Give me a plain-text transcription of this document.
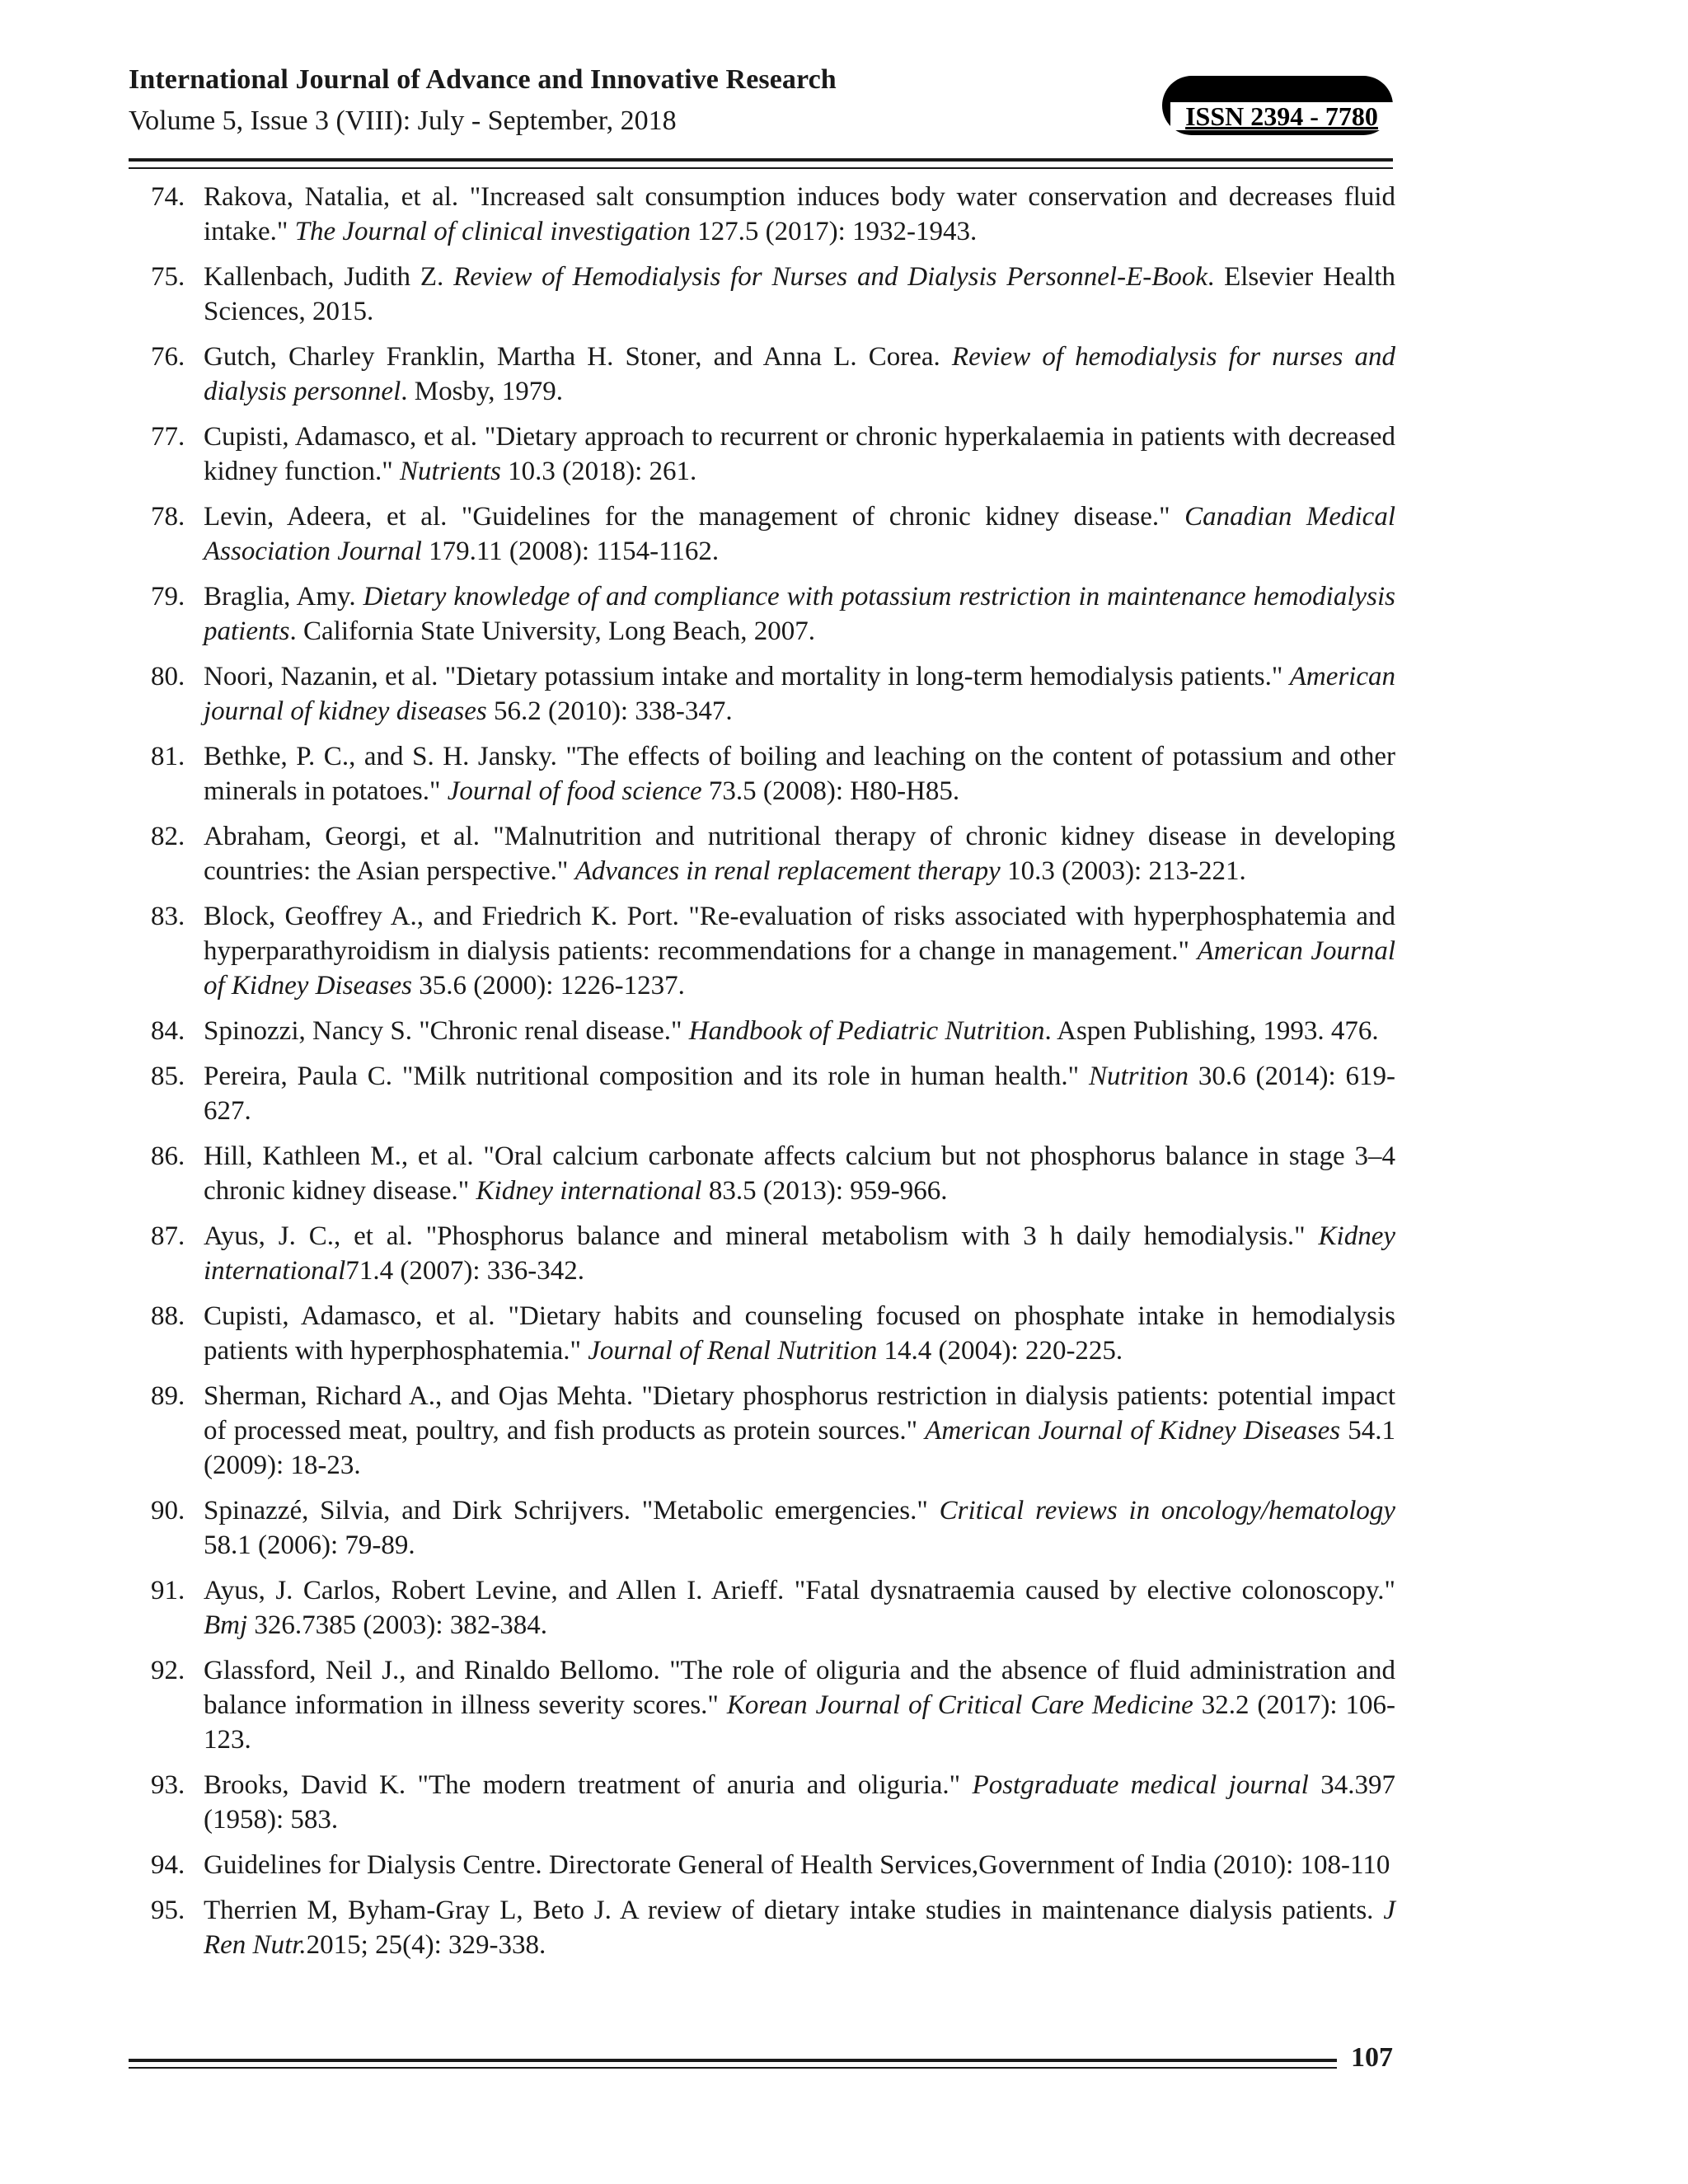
International Journal of Advance and Innovative Research
Volume 5, Issue 3 (VIII): July - September, 2018	ISSN 2394 - 7780
74. Rakova, Natalia, et al. "Increased salt consumption induces body water conservation and decreases fluid intake." The Journal of clinical investigation 127.5 (2017): 1932-1943.
75. Kallenbach, Judith Z. Review of Hemodialysis for Nurses and Dialysis Personnel-E-Book. Elsevier Health Sciences, 2015.
76. Gutch, Charley Franklin, Martha H. Stoner, and Anna L. Corea. Review of hemodialysis for nurses and dialysis personnel. Mosby, 1979.
77. Cupisti, Adamasco, et al. "Dietary approach to recurrent or chronic hyperkalaemia in patients with decreased kidney function." Nutrients 10.3 (2018): 261.
78. Levin, Adeera, et al. "Guidelines for the management of chronic kidney disease." Canadian Medical Association Journal 179.11 (2008): 1154-1162.
79. Braglia, Amy. Dietary knowledge of and compliance with potassium restriction in maintenance hemodialysis patients. California State University, Long Beach, 2007.
80. Noori, Nazanin, et al. "Dietary potassium intake and mortality in long-term hemodialysis patients." American journal of kidney diseases 56.2 (2010): 338-347.
81. Bethke, P. C., and S. H. Jansky. "The effects of boiling and leaching on the content of potassium and other minerals in potatoes." Journal of food science 73.5 (2008): H80-H85.
82. Abraham, Georgi, et al. "Malnutrition and nutritional therapy of chronic kidney disease in developing countries: the Asian perspective." Advances in renal replacement therapy 10.3 (2003): 213-221.
83. Block, Geoffrey A., and Friedrich K. Port. "Re-evaluation of risks associated with hyperphosphatemia and hyperparathyroidism in dialysis patients: recommendations for a change in management." American Journal of Kidney Diseases 35.6 (2000): 1226-1237.
84. Spinozzi, Nancy S. "Chronic renal disease." Handbook of Pediatric Nutrition. Aspen Publishing, 1993. 476.
85. Pereira, Paula C. "Milk nutritional composition and its role in human health." Nutrition 30.6 (2014): 619-627.
86. Hill, Kathleen M., et al. "Oral calcium carbonate affects calcium but not phosphorus balance in stage 3–4 chronic kidney disease." Kidney international 83.5 (2013): 959-966.
87. Ayus, J. C., et al. "Phosphorus balance and mineral metabolism with 3 h daily hemodialysis." Kidney international71.4 (2007): 336-342.
88. Cupisti, Adamasco, et al. "Dietary habits and counseling focused on phosphate intake in hemodialysis patients with hyperphosphatemia." Journal of Renal Nutrition 14.4 (2004): 220-225.
89. Sherman, Richard A., and Ojas Mehta. "Dietary phosphorus restriction in dialysis patients: potential impact of processed meat, poultry, and fish products as protein sources." American Journal of Kidney Diseases 54.1 (2009): 18-23.
90. Spinazzé, Silvia, and Dirk Schrijvers. "Metabolic emergencies." Critical reviews in oncology/hematology 58.1 (2006): 79-89.
91. Ayus, J. Carlos, Robert Levine, and Allen I. Arieff. "Fatal dysnatraemia caused by elective colonoscopy." Bmj 326.7385 (2003): 382-384.
92. Glassford, Neil J., and Rinaldo Bellomo. "The role of oliguria and the absence of fluid administration and balance information in illness severity scores." Korean Journal of Critical Care Medicine 32.2 (2017): 106-123.
93. Brooks, David K. "The modern treatment of anuria and oliguria." Postgraduate medical journal 34.397 (1958): 583.
94. Guidelines for Dialysis Centre. Directorate General of Health Services,Government of India (2010): 108-110
95. Therrien M, Byham-Gray L, Beto J. A review of dietary intake studies in maintenance dialysis patients. J Ren Nutr.2015; 25(4): 329-338.
107
